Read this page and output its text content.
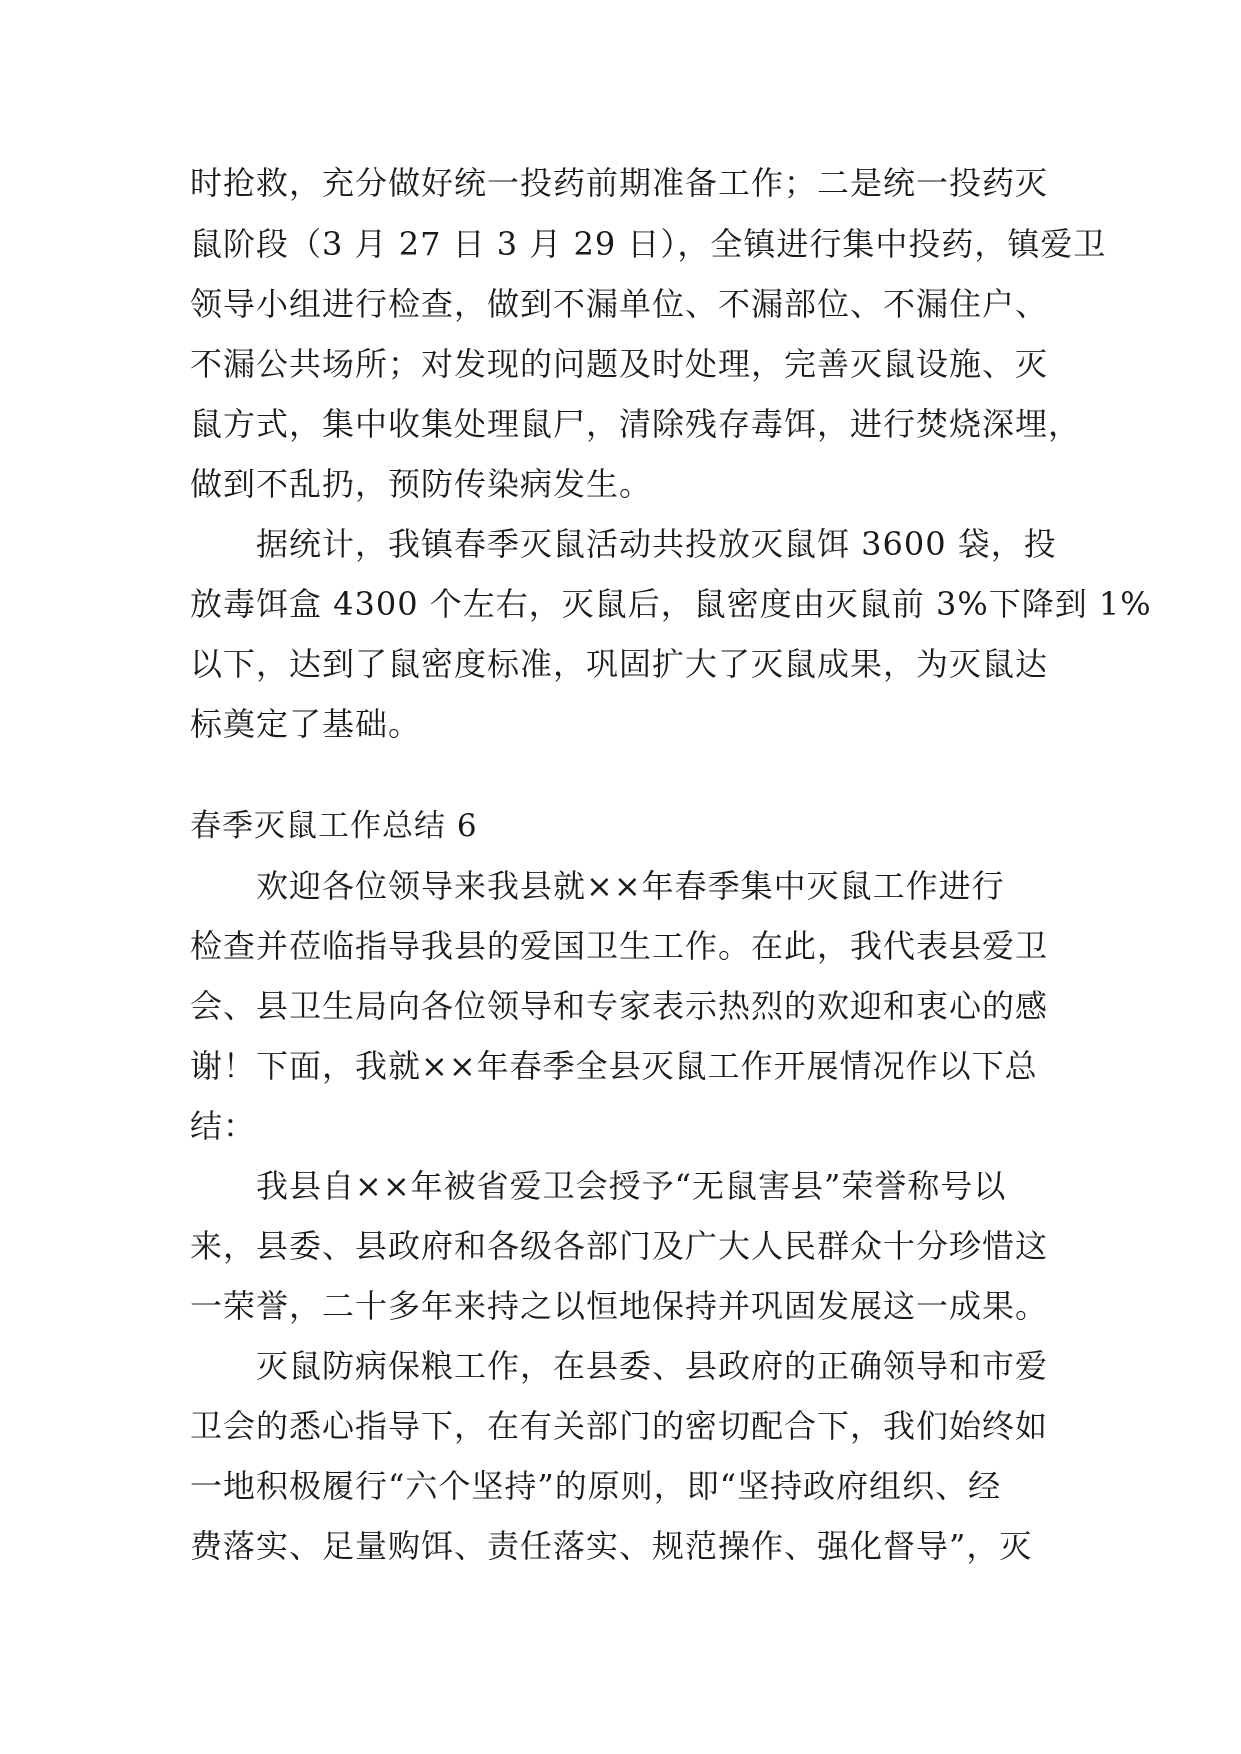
时抢救，充分做好统一投药前期准备工作；二是统一投药灭
鼠阶段（3 月 27 日 3 月 29 日），全镇进行集中投药，镇爱卫
领导小组进行检查，做到不漏单位、不漏部位、不漏住户、
不漏公共场所；对发现的问题及时处理，完善灭鼠设施、灭
鼠方式，集中收集处理鼠尸，清除残存毒饵，进行焚烧深埋，
做到不乱扔，预防传染病发生。
据统计，我镇春季灭鼠活动共投放灭鼠饵 3600 袋，投
放毒饵盒 4300 个左右，灭鼠后，鼠密度由灭鼠前 3%下降到 1%
以下，达到了鼠密度标准，巩固扩大了灭鼠成果，为灭鼠达
标奠定了基础。
春季灭鼠工作总结 6
欢迎各位领导来我县就××年春季集中灭鼠工作进行
检查并莅临指导我县的爱国卫生工作。在此，我代表县爱卫
会、县卫生局向各位领导和专家表示热烈的欢迎和衷心的感
谢！下面，我就××年春季全县灭鼠工作开展情况作以下总
结：
我县自××年被省爱卫会授予“无鼠害县”荣誉称号以
来，县委、县政府和各级各部门及广大人民群众十分珍惜这
一荣誉，二十多年来持之以恒地保持并巩固发展这一成果。
灭鼠防病保粮工作，在县委、县政府的正确领导和市爱
卫会的悉心指导下，在有关部门的密切配合下，我们始终如
一地积极履行“六个坚持”的原则，即“坚持政府组织、经
费落实、足量购饵、责任落实、规范操作、强化督导”，灭
